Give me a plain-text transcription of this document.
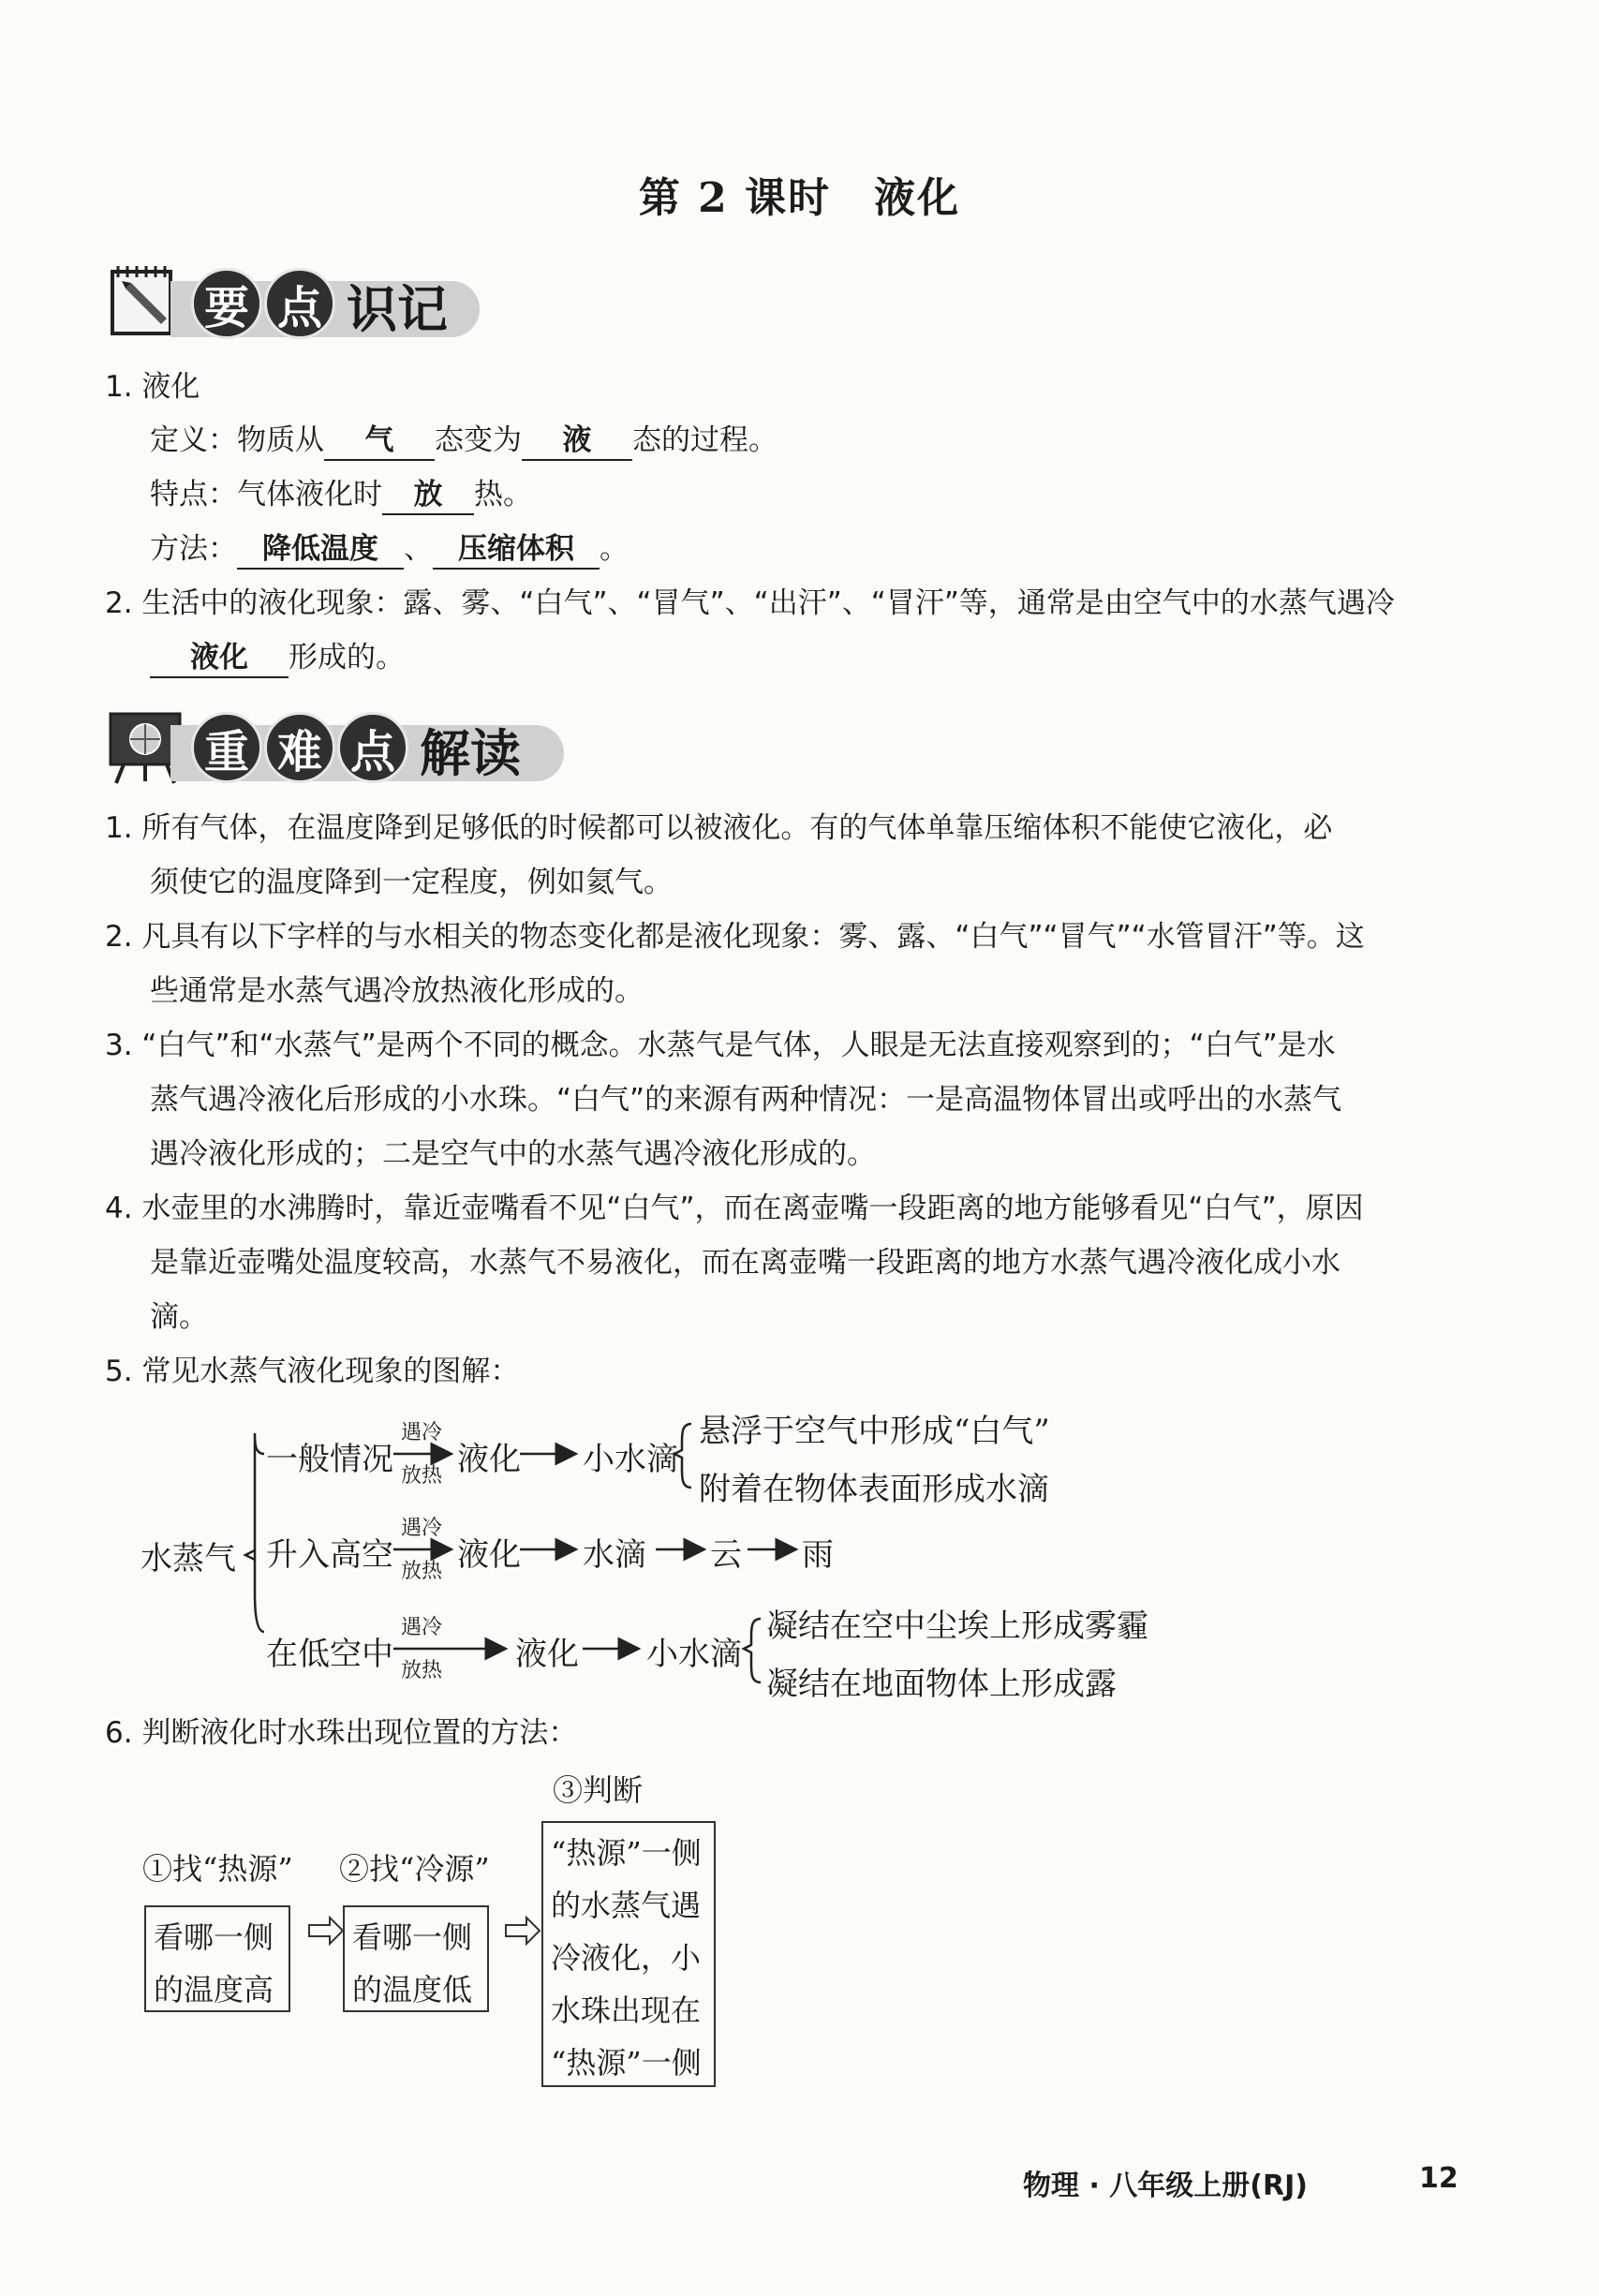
第 2 课时　液化
要 点 识记
1. 液化
定义：物质从 气 态变为 液 态的过程。
特点：气体液化时 放 热。
方法： 降低温度 、 压缩体积 。
2. 生活中的液化现象：露、雾、“白气”、“冒气”、“出汗”、“冒汗”等，通常是由空气中的水蒸气遇冷
液化 形成的。
重 难 点 解读
1. 所有气体，在温度降到足够低的时候都可以被液化。有的气体单靠压缩体积不能使它液化，必
须使它的温度降到一定程度，例如氦气。
2. 凡具有以下字样的与水相关的物态变化都是液化现象：雾、露、“白气”“冒气”“水管冒汗”等。这
些通常是水蒸气遇冷放热液化形成的。
3. “白气”和“水蒸气”是两个不同的概念。水蒸气是气体，人眼是无法直接观察到的；“白气”是水
蒸气遇冷液化后形成的小水珠。“白气”的来源有两种情况：一是高温物体冒出或呼出的水蒸气
遇冷液化形成的；二是空气中的水蒸气遇冷液化形成的。
4. 水壶里的水沸腾时，靠近壶嘴看不见“白气”，而在离壶嘴一段距离的地方能够看见“白气”，原因
是靠近壶嘴处温度较高，水蒸气不易液化，而在离壶嘴一段距离的地方水蒸气遇冷液化成小水
滴。
5. 常见水蒸气液化现象的图解：
水蒸气
一般情况
遇冷
放热 液化 小水滴
悬浮于空气中形成“白气”
附着在物体表面形成水滴
升入高空
遇冷
放热 液化 水滴 云 雨
在低空中
遇冷
放热 液化 小水滴
凝结在空中尘埃上形成雾霾
凝结在地面物体上形成露
6. 判断液化时水珠出现位置的方法：
③判断
①找“热源” ②找“冷源”
看哪一侧
的温度高
看哪一侧
的温度低
“热源”一侧
的水蒸气遇
冷液化，小
水珠出现在
“热源”一侧
物理 · 八年级上册(RJ)	12
